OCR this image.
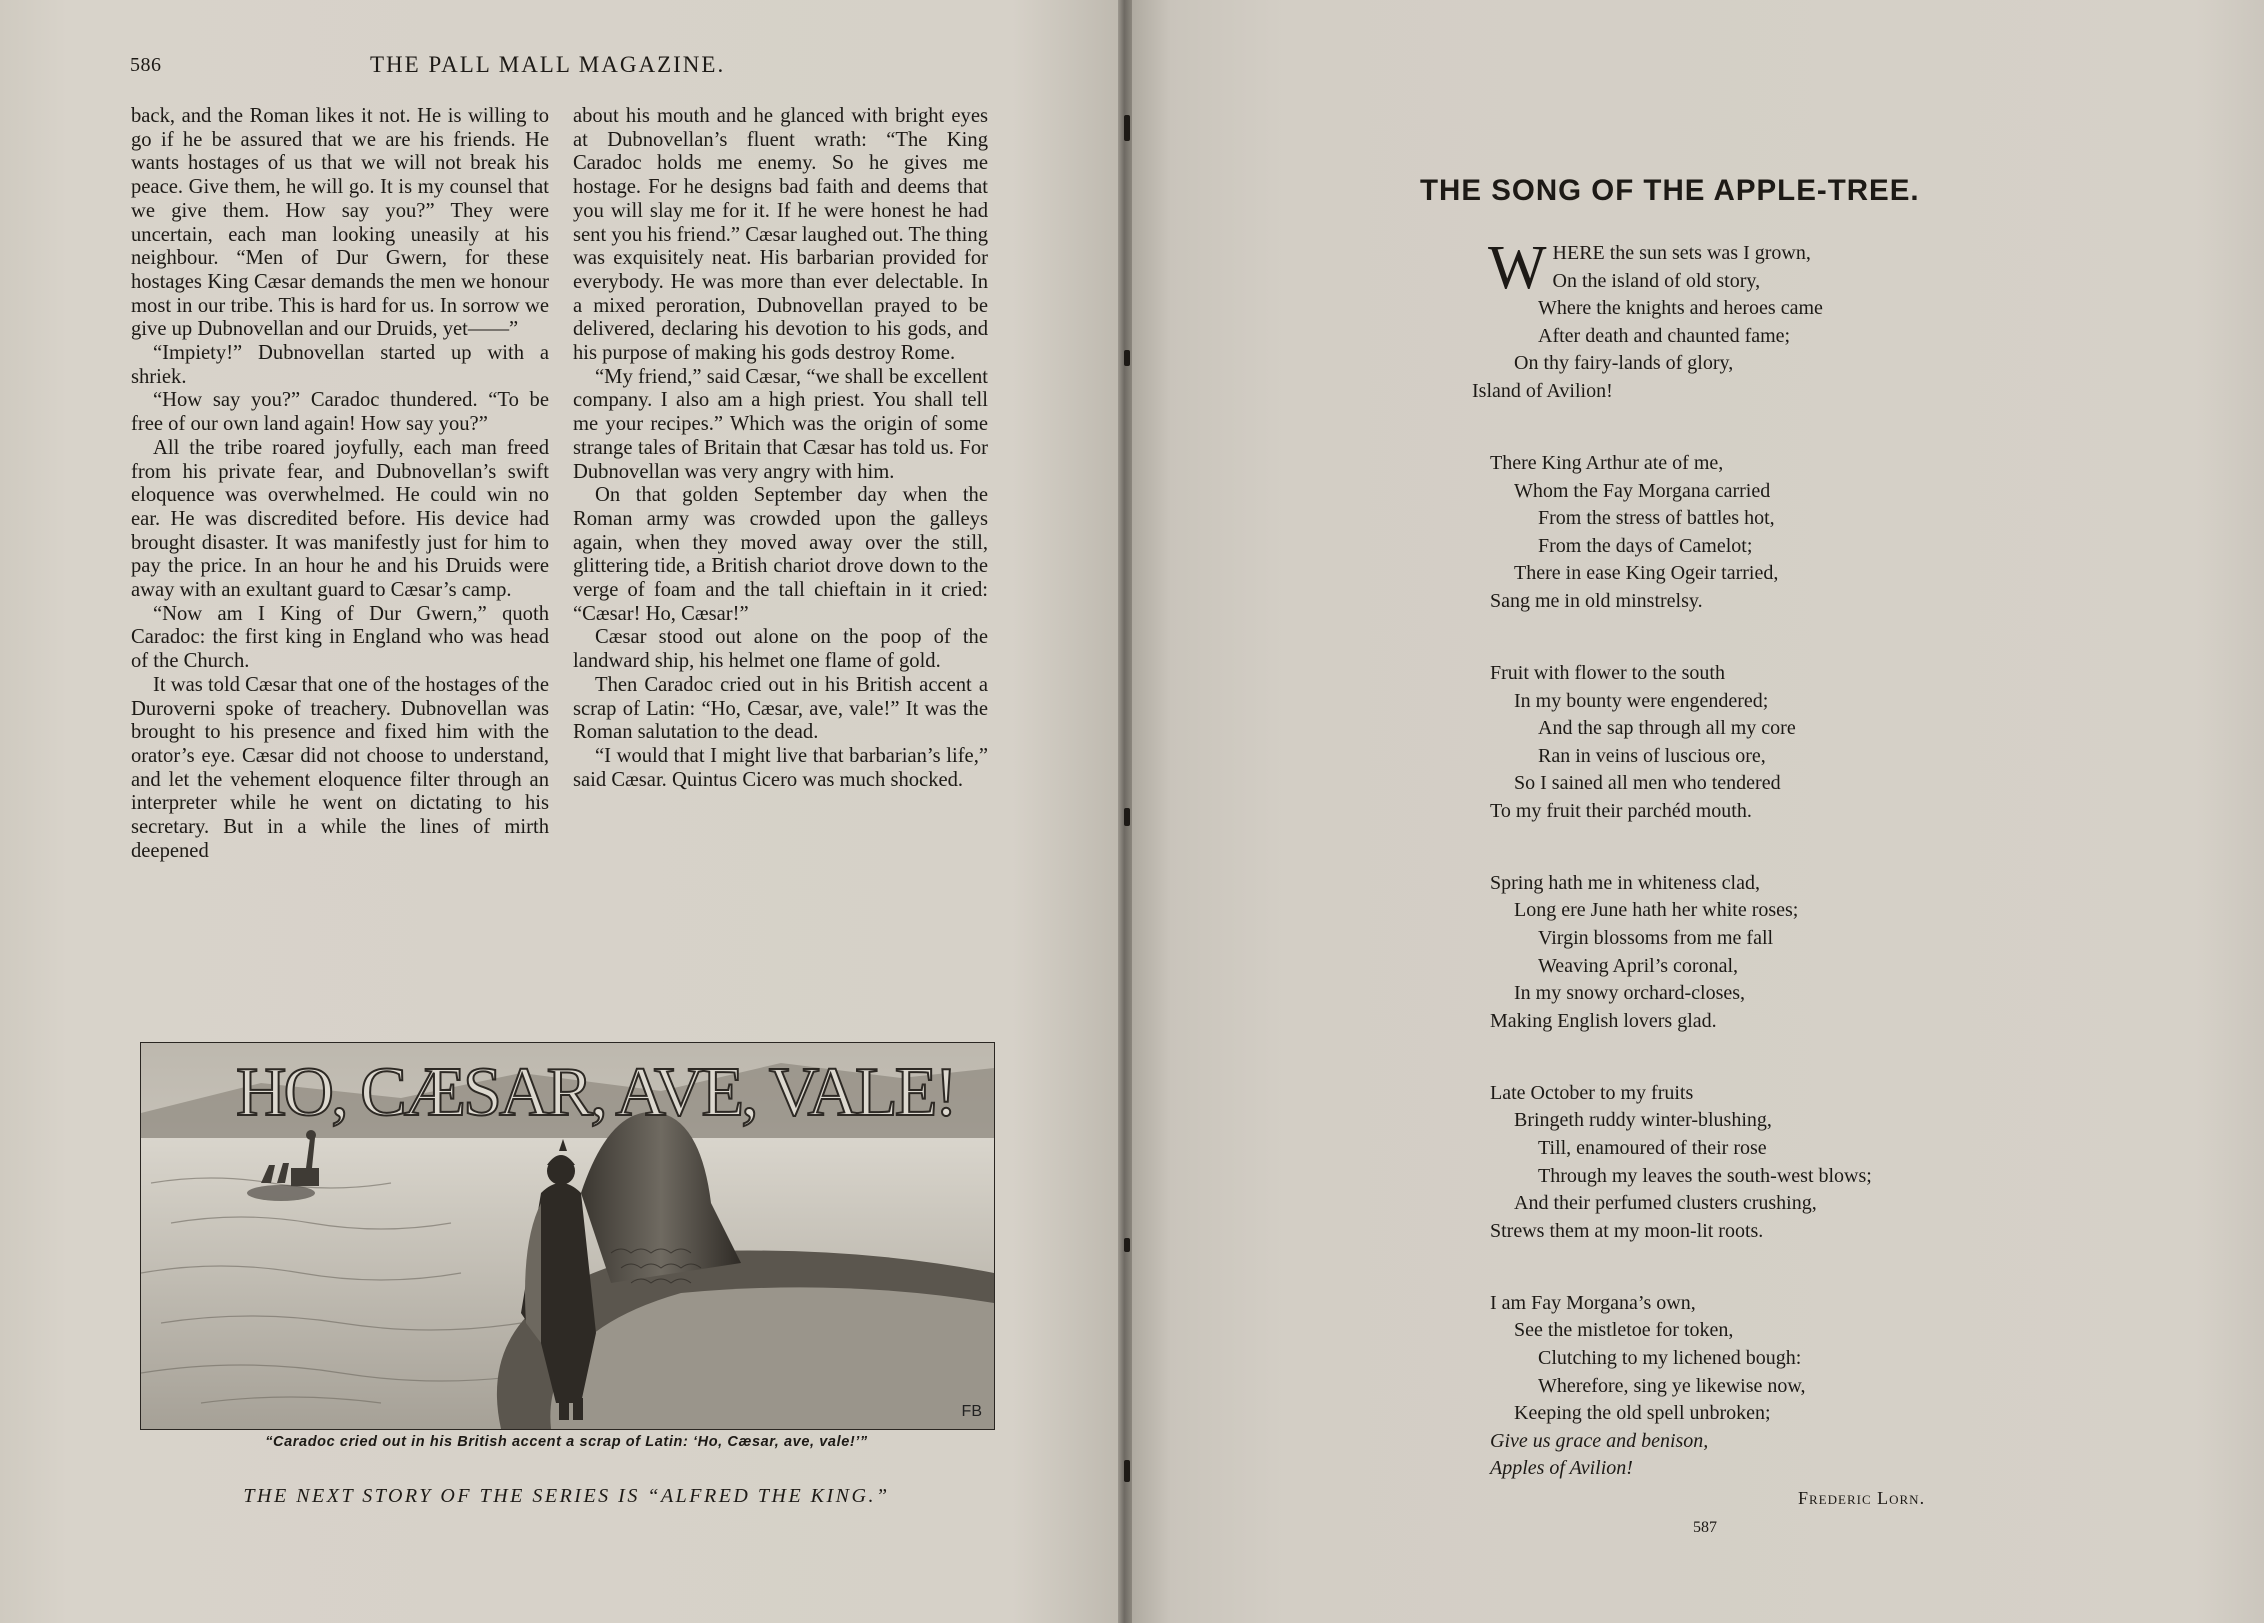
586	THE PALL MALL MAGAZINE.

back, and the Roman likes it not. He is willing to go if he be assured that we are his friends. He wants hostages of us that we will not break his peace. Give them, he will go. It is my counsel that we give them. How say you?” They were uncertain, each man looking uneasily at his neighbour. “Men of Dur Gwern, for these hostages King Cæsar demands the men we honour most in our tribe. This is hard for us. In sorrow we give up Dubnovellan and our Druids, yet——”

“Impiety!” Dubnovellan started up with a shriek.

“How say you?” Caradoc thundered. “To be free of our own land again! How say you?”

All the tribe roared joyfully, each man freed from his private fear, and Dubnovellan’s swift eloquence was overwhelmed. He could win no ear. He was discredited before. His device had brought disaster. It was manifestly just for him to pay the price. In an hour he and his Druids were away with an exultant guard to Cæsar’s camp.

“Now am I King of Dur Gwern,” quoth Caradoc: the first king in England who was head of the Church.

It was told Cæsar that one of the hostages of the Duroverni spoke of treachery. Dubnovellan was brought to his presence and fixed him with the orator’s eye. Cæsar did not choose to understand, and let the vehement eloquence filter through an interpreter while he went on dictating to his secretary. But in a while the lines of mirth deepened

about his mouth and he glanced with bright eyes at Dubnovellan’s fluent wrath: “The King Caradoc holds me enemy. So he gives me hostage. For he designs bad faith and deems that you will slay me for it. If he were honest he had sent you his friend.” Cæsar laughed out. The thing was exquisitely neat. His barbarian provided for everybody. He was more than ever delectable. In a mixed peroration, Dubnovellan prayed to be delivered, declaring his devotion to his gods, and his purpose of making his gods destroy Rome.

“My friend,” said Cæsar, “we shall be excellent company. I also am a high priest. You shall tell me your recipes.” Which was the origin of some strange tales of Britain that Cæsar has told us. For Dubnovellan was very angry with him.

On that golden September day when the Roman army was crowded upon the galleys again, when they moved away over the still, glittering tide, a British chariot drove down to the verge of foam and the tall chieftain in it cried: “Cæsar! Ho, Cæsar!”

Cæsar stood out alone on the poop of the landward ship, his helmet one flame of gold.

Then Caradoc cried out in his British accent a scrap of Latin: “Ho, Cæsar, ave, vale!” It was the Roman salutation to the dead.

“I would that I might live that barbarian’s life,” said Cæsar. Quintus Cicero was much shocked.

HO, CÆSAR, AVE, VALE!
FB
“Caradoc cried out in his British accent a scrap of Latin: ‘Ho, Cæsar, ave, vale!’”
THE NEXT STORY OF THE SERIES IS “ALFRED THE KING.”
THE SONG OF THE APPLE-TREE.
WHERE the sun sets was I grown,
On the island of old story,
Where the knights and heroes came
After death and chaunted fame;
On thy fairy-lands of glory,
Island of Avilion!
There King Arthur ate of me,
Whom the Fay Morgana carried
From the stress of battles hot,
From the days of Camelot;
There in ease King Ogeir tarried,
Sang me in old minstrelsy.
Fruit with flower to the south
In my bounty were engendered;
And the sap through all my core
Ran in veins of luscious ore,
So I sained all men who tendered
To my fruit their parchéd mouth.
Spring hath me in whiteness clad,
Long ere June hath her white roses;
Virgin blossoms from me fall
Weaving April’s coronal,
In my snowy orchard-closes,
Making English lovers glad.
Late October to my fruits
Bringeth ruddy winter-blushing,
Till, enamoured of their rose
Through my leaves the south-west blows;
And their perfumed clusters crushing,
Strews them at my moon-lit roots.
I am Fay Morgana’s own,
See the mistletoe for token,
Clutching to my lichened bough:
Wherefore, sing ye likewise now,
Keeping the old spell unbroken;
Give us grace and benison,
Apples of Avilion!
Frederic Lorn.
587
